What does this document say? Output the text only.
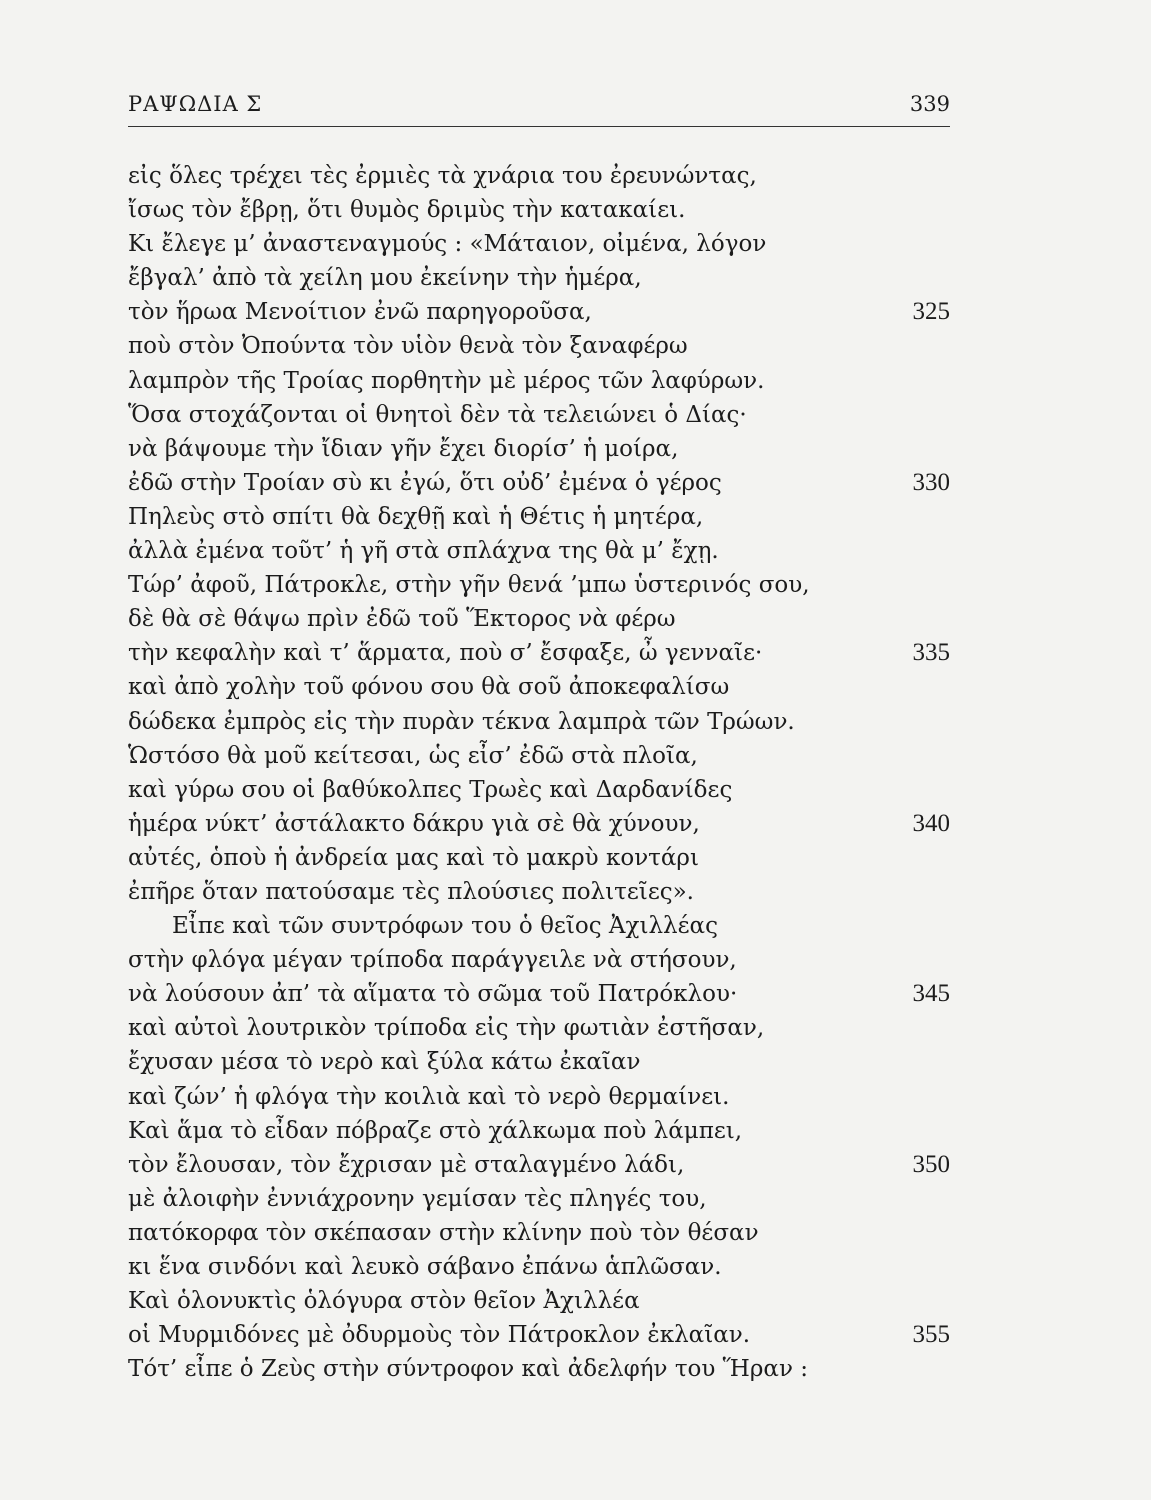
ΡΑΨΩΔΙΑ Σ	339
εἰς ὅλες τρέχει τὲς ἐρμιὲς τὰ χνάρια του ἐρευνώντας,
ἴσως τὸν ἔβρῃ, ὅτι θυμὸς δριμὺς τὴν κατακαίει.
Κι ἔλεγε μ’ ἀναστεναγμούς : «Μάταιον, οἰμένα, λόγον
ἔβγαλ’ ἀπὸ τὰ χείλη μου ἐκείνην τὴν ἡμέρα,
τὸν ἥρωα Μενοίτιον ἐνῶ παρηγοροῦσα,	325
ποὺ στὸν Ὀπούντα τὸν υἱὸν θενὰ τὸν ξαναφέρω
λαμπρὸν τῆς Τροίας πορθητὴν μὲ μέρος τῶν λαφύρων.
Ὅσα στοχάζονται οἱ θνητοὶ δὲν τὰ τελειώνει ὁ Δίας·
νὰ βάψουμε τὴν ἴδιαν γῆν ἔχει διορίσ’ ἡ μοίρα,
ἐδῶ στὴν Τροίαν σὺ κι ἐγώ, ὅτι οὐδ’ ἐμένα ὁ γέρος	330
Πηλεὺς στὸ σπίτι θὰ δεχθῇ καὶ ἡ Θέτις ἡ μητέρα,
ἀλλὰ ἐμένα τοῦτ’ ἡ γῆ στὰ σπλάχνα της θὰ μ’ ἔχῃ.
Τώρ’ ἀφοῦ, Πάτροκλε, στὴν γῆν θενά ’μπω ὑστερινός σου,
δὲ θὰ σὲ θάψω πρὶν ἐδῶ τοῦ Ἕκτορος νὰ φέρω
τὴν κεφαλὴν καὶ τ’ ἅρματα, ποὺ σ’ ἔσφαξε, ὦ γενναῖε·	335
καὶ ἀπὸ χολὴν τοῦ φόνου σου θὰ σοῦ ἀποκεφαλίσω
δώδεκα ἐμπρὸς εἰς τὴν πυρὰν τέκνα λαμπρὰ τῶν Τρώων.
Ὡστόσο θὰ μοῦ κείτεσαι, ὡς εἶσ’ ἐδῶ στὰ πλοῖα,
καὶ γύρω σου οἱ βαθύκολπες Τρωὲς καὶ Δαρδανίδες
ἡμέρα νύκτ’ ἀστάλακτο δάκρυ γιὰ σὲ θὰ χύνουν,	340
αὐτές, ὁποὺ ἡ ἀνδρεία μας καὶ τὸ μακρὺ κοντάρι
ἐπῆρε ὅταν πατούσαμε τὲς πλούσιες πολιτεῖες».
Εἶπε καὶ τῶν συντρόφων του ὁ θεῖος Ἀχιλλέας
στὴν φλόγα μέγαν τρίποδα παράγγειλε νὰ στήσουν,
νὰ λούσουν ἀπ’ τὰ αἵματα τὸ σῶμα τοῦ Πατρόκλου·	345
καὶ αὐτοὶ λουτρικὸν τρίποδα εἰς τὴν φωτιὰν ἐστῆσαν,
ἔχυσαν μέσα τὸ νερὸ καὶ ξύλα κάτω ἐκαῖαν
καὶ ζών’ ἡ φλόγα τὴν κοιλιὰ καὶ τὸ νερὸ θερμαίνει.
Καὶ ἅμα τὸ εἶδαν πόβραζε στὸ χάλκωμα ποὺ λάμπει,
τὸν ἔλουσαν, τὸν ἔχρισαν μὲ σταλαγμένο λάδι,	350
μὲ ἀλοιφὴν ἐννιάχρονην γεμίσαν τὲς πληγές του,
πατόκορφα τὸν σκέπασαν στὴν κλίνην ποὺ τὸν θέσαν
κι ἕνα σινδόνι καὶ λευκὸ σάβανο ἐπάνω ἁπλῶσαν.
Καὶ ὁλονυκτὶς ὁλόγυρα στὸν θεῖον Ἀχιλλέα
οἱ Μυρμιδόνες μὲ ὀδυρμοὺς τὸν Πάτροκλον ἐκλαῖαν.	355
Τότ’ εἶπε ὁ Ζεὺς στὴν σύντροφον καὶ ἀδελφήν του Ἥραν :
